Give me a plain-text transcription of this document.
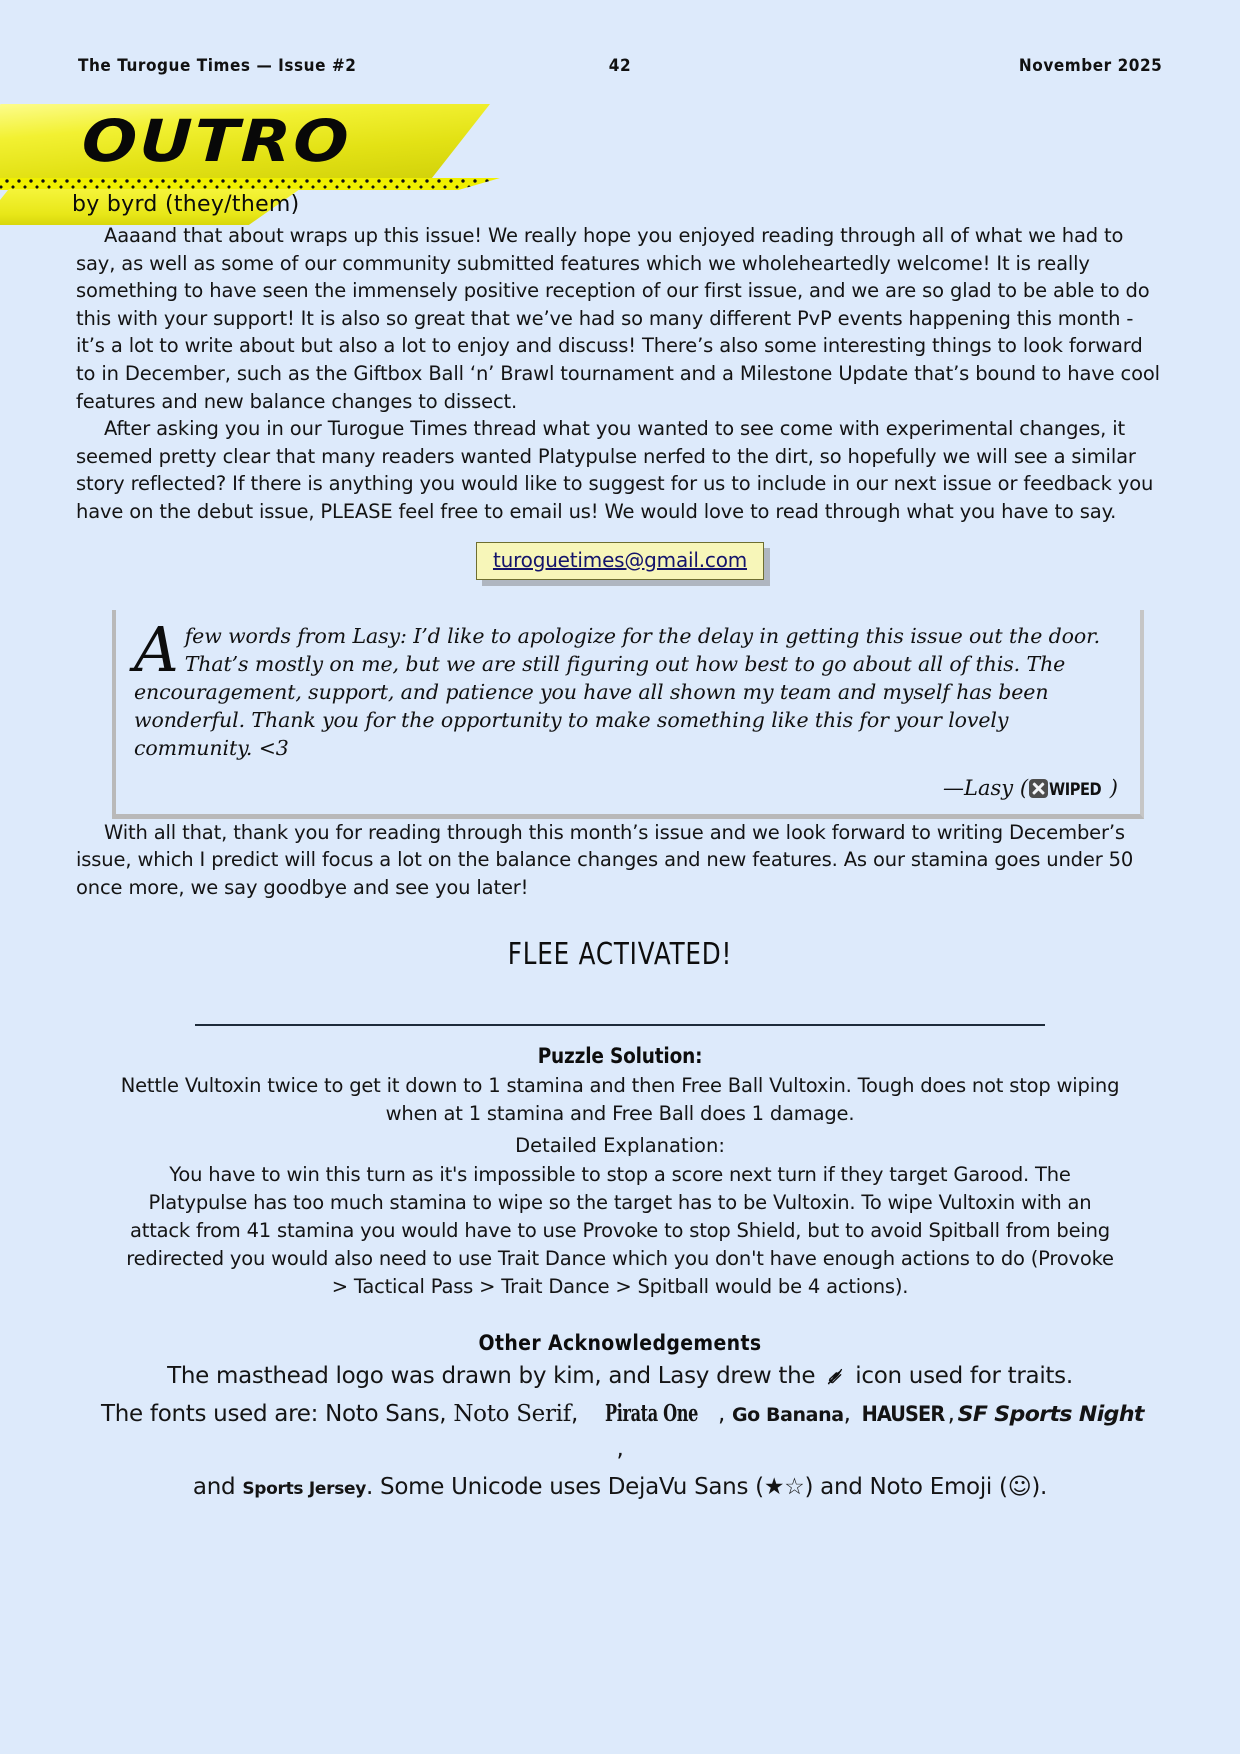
The Turogue Times — Issue #2	42	November 2025
OUTRO
by byrd (they/them)

Aaaand that about wraps up this issue! We really hope you enjoyed reading through all of what we had to say, as well as some of our community submitted features which we wholeheartedly welcome! It is really something to have seen the immensely positive reception of our first issue, and we are so glad to be able to do this with your support! It is also so great that we’ve had so many different PvP events happening this month - it’s a lot to write about but also a lot to enjoy and discuss! There’s also some interesting things to look forward to in December, such as the Giftbox Ball ‘n’ Brawl tournament and a Milestone Update that’s bound to have cool features and new balance changes to dissect.

After asking you in our Turogue Times thread what you wanted to see come with experimental changes, it seemed pretty clear that many readers wanted Platypulse nerfed to the dirt, so hopefully we will see a similar story reflected? If there is anything you would like to suggest for us to include in our next issue or feedback you have on the debut issue, PLEASE feel free to email us! We would love to read through what you have to say.

turoguetimes@gmail.com

Afew words from Lasy: I’d like to apologize for the delay in getting this issue out the door. That’s mostly on me, but we are still figuring out how best to go about all of this. The encouragement, support, and patience you have all shown my team and myself has been wonderful. Thank you for the opportunity to make something like this for your lovely community. <3

—Lasy ( WIPED )

With all that, thank you for reading through this month’s issue and we look forward to writing December’s issue, which I predict will focus a lot on the balance changes and new features. As our stamina goes under 50 once more, we say goodbye and see you later!

FLEE ACTIVATED!
Puzzle Solution:
Nettle Vultoxin twice to get it down to 1 stamina and then Free Ball Vultoxin. Tough does not stop wiping when at 1 stamina and Free Ball does 1 damage.
Detailed Explanation:
You have to win this turn as it's impossible to stop a score next turn if they target Garood. The Platypulse has too much stamina to wipe so the target has to be Vultoxin. To wipe Vultoxin with an attack from 41 stamina you would have to use Provoke to stop Shield, but to avoid Spitball from being redirected you would also need to use Trait Dance which you don't have enough actions to do (Provoke > Tactical Pass > Trait Dance > Spitball would be 4 actions).
Other Acknowledgements
The masthead logo was drawn by kim, and Lasy drew the  icon used for traits.
The fonts used are: Noto Sans, Noto Serif, Pirata One , Go Banana, HAUSER , SF Sports Night,
and Sports Jersey. Some Unicode uses DejaVu Sans (★☆) and Noto Emoji (☺).
